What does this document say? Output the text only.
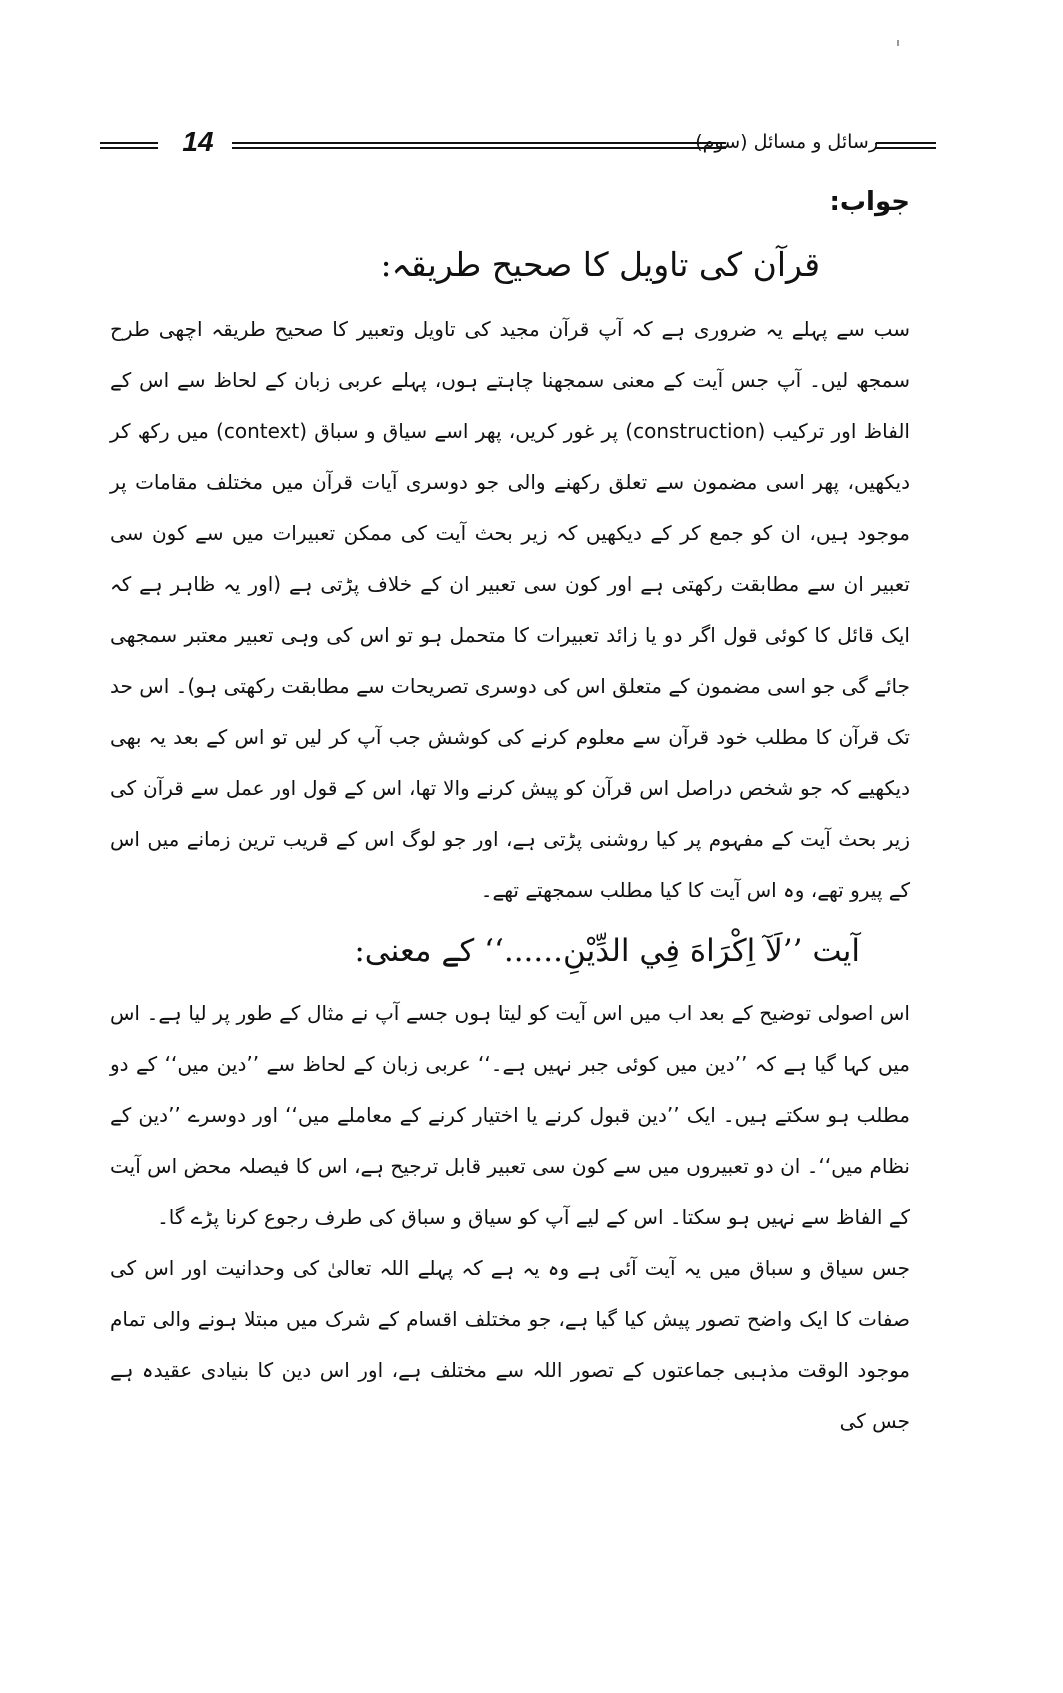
14	رسائل و مسائل (سوم)
جواب:
قرآن کی تاویل کا صحیح طریقہ:

سب سے پہلے یہ ضروری ہے کہ آپ قرآن مجید کی تاویل وتعبیر کا صحیح طریقہ اچھی طرح سمجھ لیں۔ آپ جس آیت کے معنی سمجھنا چاہتے ہوں، پہلے عربی زبان کے لحاظ سے اس کے الفاظ اور ترکیب (construction) پر غور کریں، پھر اسے سیاق و سباق (context) میں رکھ کر دیکھیں، پھر اسی مضمون سے تعلق رکھنے والی جو دوسری آیات قرآن میں مختلف مقامات پر موجود ہیں، ان کو جمع کر کے دیکھیں کہ زیر بحث آیت کی ممکن تعبیرات میں سے کون سی تعبیر ان سے مطابقت رکھتی ہے اور کون سی تعبیر ان کے خلاف پڑتی ہے (اور یہ ظاہر ہے کہ ایک قائل کا کوئی قول اگر دو یا زائد تعبیرات کا متحمل ہو تو اس کی وہی تعبیر معتبر سمجھی جائے گی جو اسی مضمون کے متعلق اس کی دوسری تصریحات سے مطابقت رکھتی ہو)۔ اس حد تک قرآن کا مطلب خود قرآن سے معلوم کرنے کی کوشش جب آپ کر لیں تو اس کے بعد یہ بھی دیکھیے کہ جو شخص دراصل اس قرآن کو پیش کرنے والا تھا، اس کے قول اور عمل سے قرآن کی زیر بحث آیت کے مفہوم پر کیا روشنی پڑتی ہے، اور جو لوگ اس کے قریب ترین زمانے میں اس کے پیرو تھے، وہ اس آیت کا کیا مطلب سمجھتے تھے۔

آیت ’’لَآ اِكْرَاهَ فِي الدِّيْنِ......‘‘ کے معنی:

اس اصولی توضیح کے بعد اب میں اس آیت کو لیتا ہوں جسے آپ نے مثال کے طور پر لیا ہے۔ اس میں کہا گیا ہے کہ ’’دین میں کوئی جبر نہیں ہے۔‘‘ عربی زبان کے لحاظ سے ’’دین میں‘‘ کے دو مطلب ہو سکتے ہیں۔ ایک ’’دین قبول کرنے یا اختیار کرنے کے معاملے میں‘‘ اور دوسرے ’’دین کے نظام میں‘‘۔ ان دو تعبیروں میں سے کون سی تعبیر قابل ترجیح ہے، اس کا فیصلہ محض اس آیت کے الفاظ سے نہیں ہو سکتا۔ اس کے لیے آپ کو سیاق و سباق کی طرف رجوع کرنا پڑے گا۔

جس سیاق و سباق میں یہ آیت آئی ہے وہ یہ ہے کہ پہلے اللہ تعالیٰ کی وحدانیت اور اس کی صفات کا ایک واضح تصور پیش کیا گیا ہے، جو مختلف اقسام کے شرک میں مبتلا ہونے والی تمام موجود الوقت مذہبی جماعتوں کے تصور اللہ سے مختلف ہے، اور اس دین کا بنیادی عقیدہ ہے جس کی
